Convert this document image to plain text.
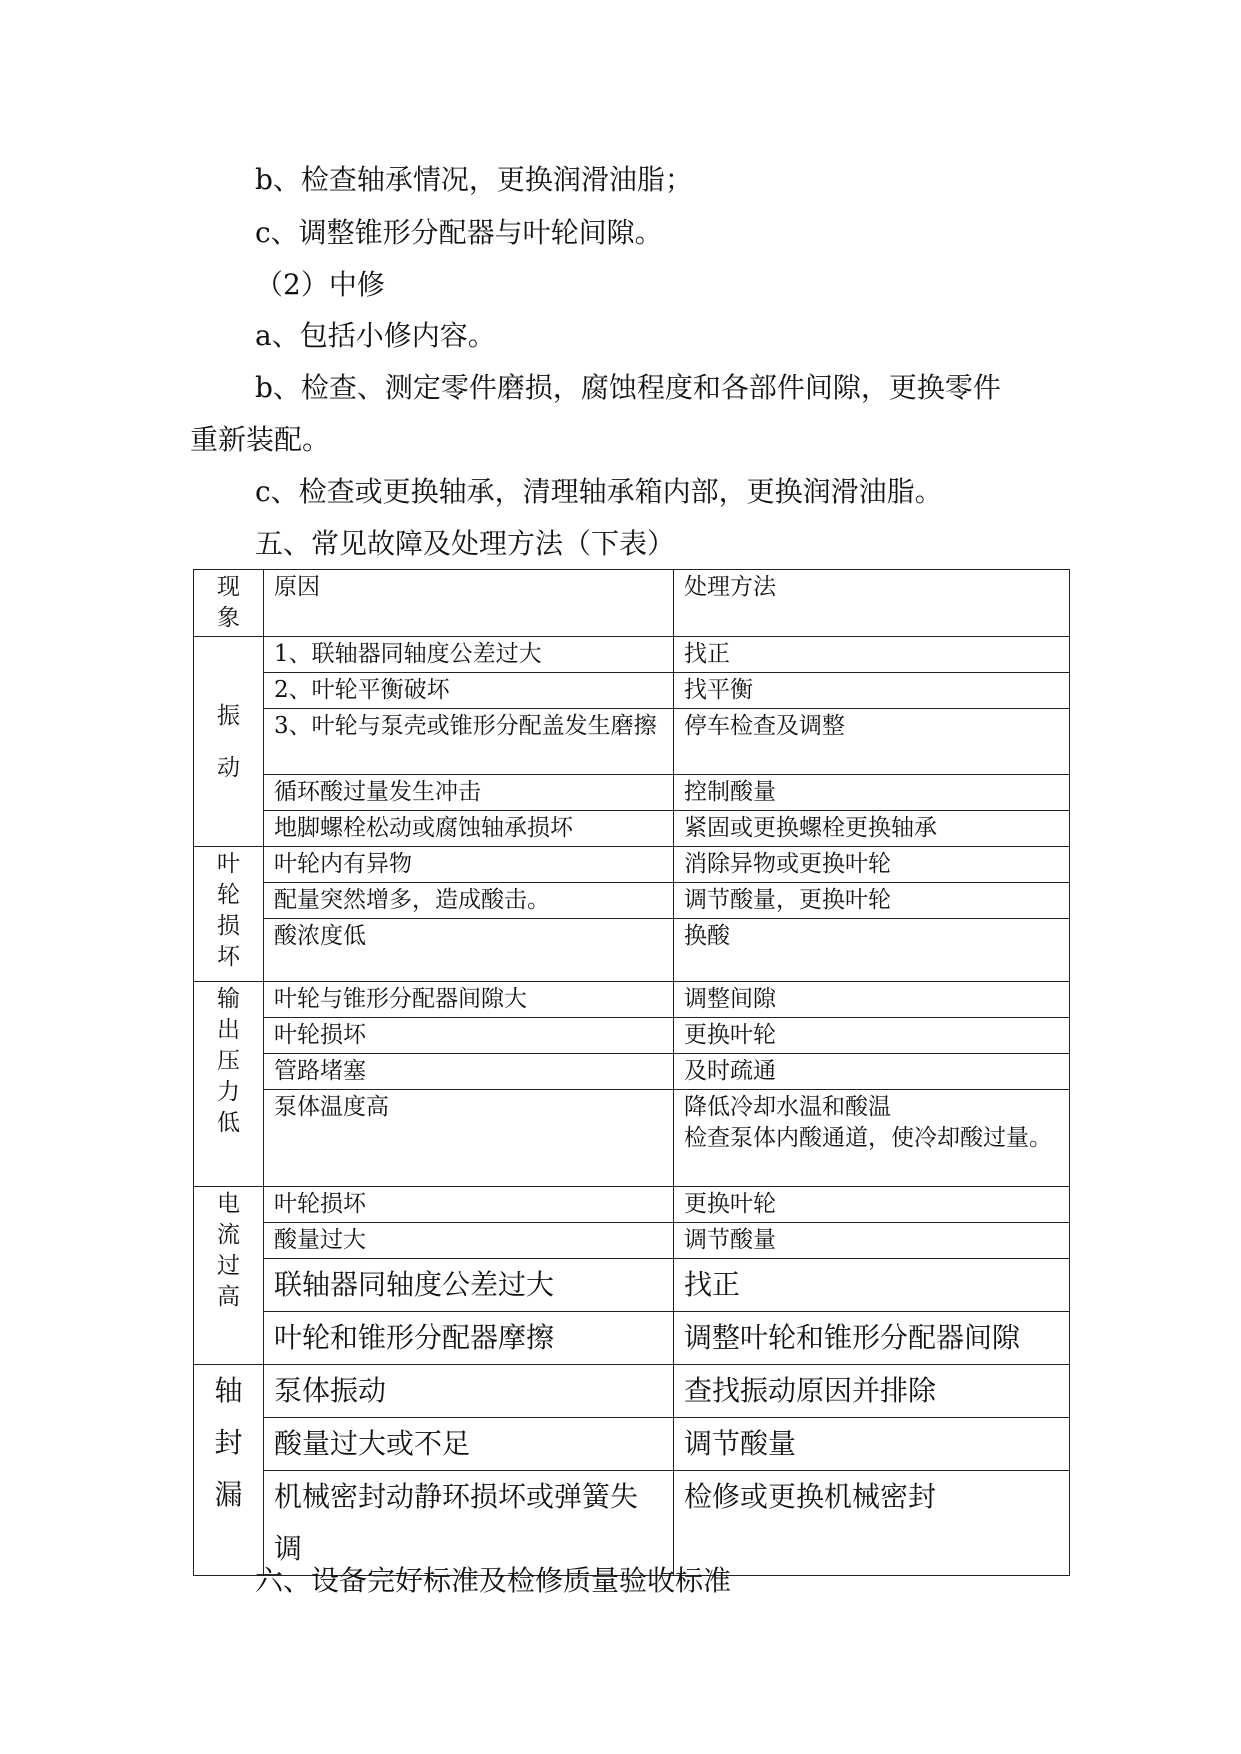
b、检查轴承情况，更换润滑油脂；
c、调整锥形分配器与叶轮间隙。
（2）中修
a、包括小修内容。
b、检查、测定零件磨损，腐蚀程度和各部件间隙，更换零件
重新装配。
c、检查或更换轴承，清理轴承箱内部，更换润滑油脂。
五、常见故障及处理方法（下表）
现象	原因	处理方法

振动	1、联轴器同轴度公差过大	找正
	2、叶轮平衡破坏	找平衡
	3、叶轮与泵壳或锥形分配盖发生磨擦	停车检查及调整
	循环酸过量发生冲击	控制酸量
	地脚螺栓松动或腐蚀轴承损坏	紧固或更换螺栓更换轴承

叶轮损坏	叶轮内有异物	消除异物或更换叶轮
	配量突然增多，造成酸击。	调节酸量，更换叶轮
	酸浓度低	换酸

输出压力低	叶轮与锥形分配器间隙大	调整间隙
	叶轮损坏	更换叶轮
	管路堵塞	及时疏通
	泵体温度高	降低冷却水温和酸温
检查泵体内酸通道，使冷却酸过量。

电流过高	叶轮损坏	更换叶轮
	酸量过大	调节酸量
	联轴器同轴度公差过大	找正
	叶轮和锥形分配器摩擦	调整叶轮和锥形分配器间隙

轴封漏	泵体振动	查找振动原因并排除
	酸量过大或不足	调节酸量
	机械密封动静环损坏或弹簧失调	检修或更换机械密封
六、设备完好标准及检修质量验收标准
